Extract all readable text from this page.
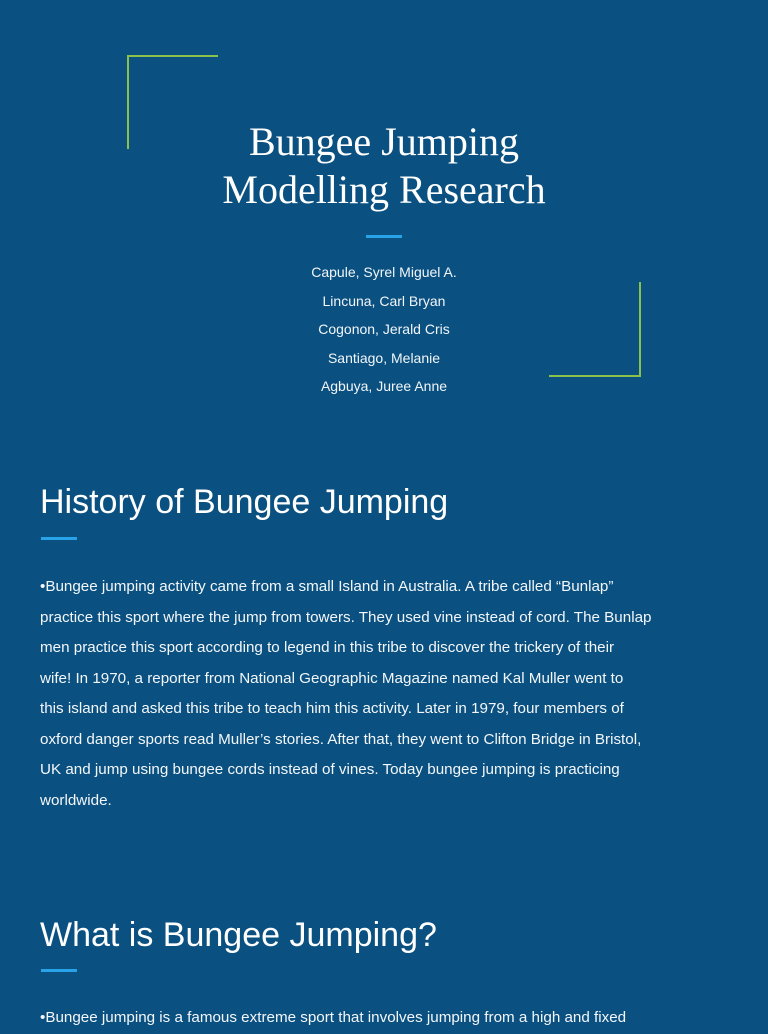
Bungee Jumping
Modelling Research
Capule, Syrel Miguel A.
Lincuna, Carl Bryan
Cogonon, Jerald Cris
Santiago, Melanie
Agbuya, Juree Anne
History of Bungee Jumping
•Bungee jumping activity came from a small Island in Australia. A tribe called “Bunlap”
practice this sport where the jump from towers. They used vine instead of cord. The Bunlap
men practice this sport according to legend in this tribe to discover the trickery of their
wife! In 1970, a reporter from National Geographic Magazine named Kal Muller went to
this island and asked this tribe to teach him this activity. Later in 1979, four members of
oxford danger sports read Muller’s stories. After that, they went to Clifton Bridge in Bristol,
UK and jump using bungee cords instead of vines. Today bungee jumping is practicing
worldwide.
What is Bungee Jumping?
•Bungee jumping is a famous extreme sport that involves jumping from a high and fixed
